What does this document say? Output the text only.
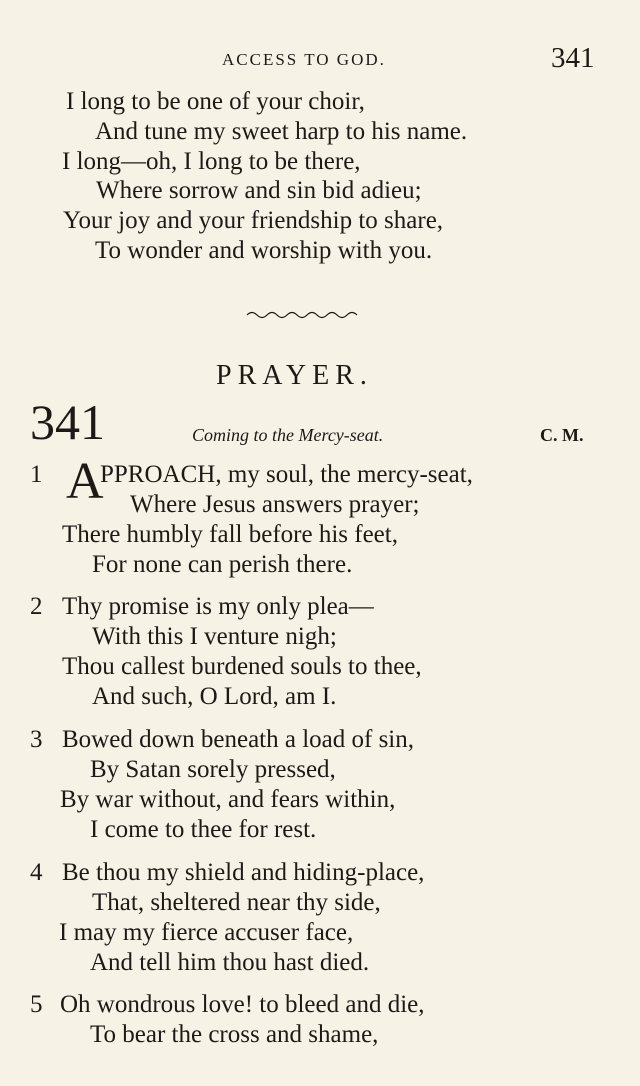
ACCESS TO GOD.	341
I long to be one of your choir,
And tune my sweet harp to his name.
I long—oh, I long to be there,
Where sorrow and sin bid adieu;
Your joy and your friendship to share,
To wonder and worship with you.
PRAYER.
341	Coming to the Mercy-seat.	C. M.
1 A
PPROACH, my soul, the mercy-seat,
Where Jesus answers prayer;
There humbly fall before his feet,
For none can perish there.
2 Thy promise is my only plea—
With this I venture nigh;
Thou callest burdened souls to thee,
And such, O Lord, am I.
3 Bowed down beneath a load of sin,
By Satan sorely pressed,
By war without, and fears within,
I come to thee for rest.
4 Be thou my shield and hiding-place,
That, sheltered near thy side,
I may my fierce accuser face,
And tell him thou hast died.
5 Oh wondrous love! to bleed and die,
To bear the cross and shame,
